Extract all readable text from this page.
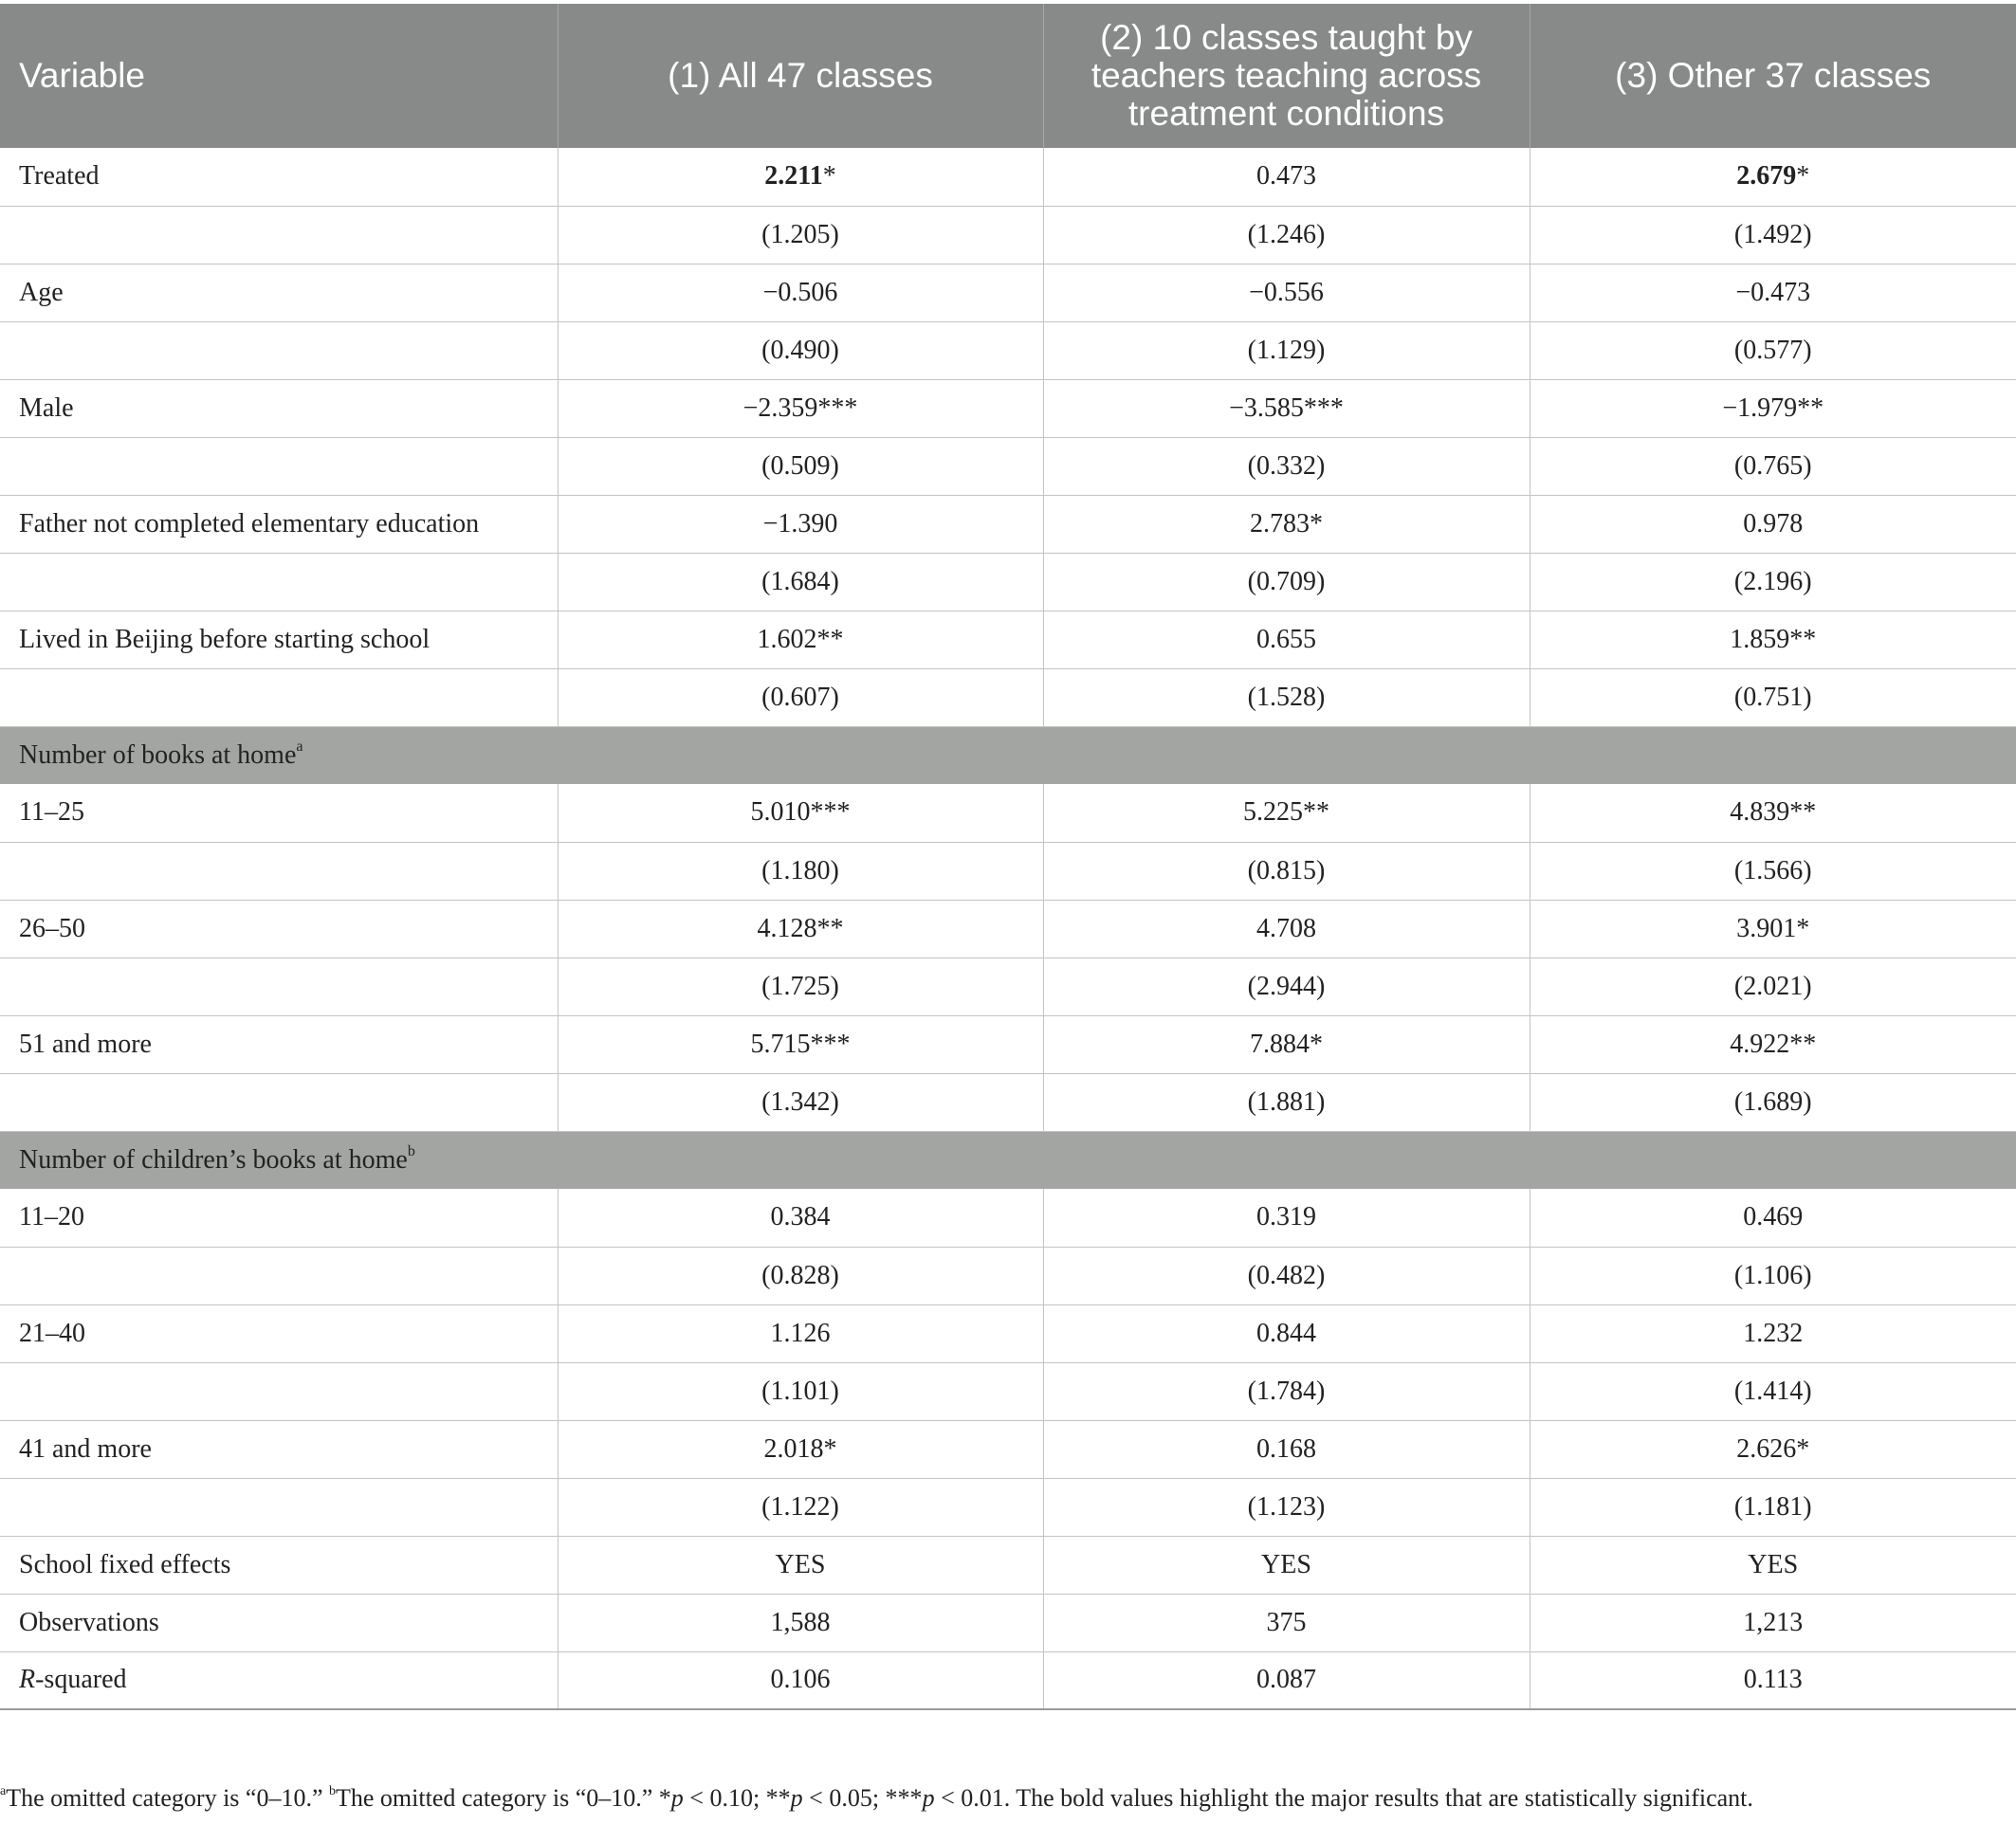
Variable	(1) All 47 classes	(2) 10 classes taught by teachers teaching across treatment conditions	(3) Other 37 classes
Treated	2.211*	0.473	2.679*
	(1.205)	(1.246)	(1.492)
Age	−0.506	−0.556	−0.473
	(0.490)	(1.129)	(0.577)
Male	−2.359***	−3.585***	−1.979**
	(0.509)	(0.332)	(0.765)
Father not completed elementary education	−1.390	2.783*	0.978
	(1.684)	(0.709)	(2.196)
Lived in Beijing before starting school	1.602**	0.655	1.859**
	(0.607)	(1.528)	(0.751)
Number of books at home$^a$
11–25	5.010***	5.225**	4.839**
	(1.180)	(0.815)	(1.566)
26–50	4.128**	4.708	3.901*
	(1.725)	(2.944)	(2.021)
51 and more	5.715***	7.884*	4.922**
	(1.342)	(1.881)	(1.689)
Number of children’s books at home$^b$
11–20	0.384	0.319	0.469
	(0.828)	(0.482)	(1.106)
21–40	1.126	0.844	1.232
	(1.101)	(1.784)	(1.414)
41 and more	2.018*	0.168	2.626*
	(1.122)	(1.123)	(1.181)
School fixed effects	YES	YES	YES
Observations	1,588	375	1,213
R-squared	0.106	0.087	0.113
$^a$The omitted category is “0–10.” $^b$The omitted category is “0–10.” *p < 0.10; **p < 0.05; ***p < 0.01. The bold values highlight the major results that are statistically significant.
